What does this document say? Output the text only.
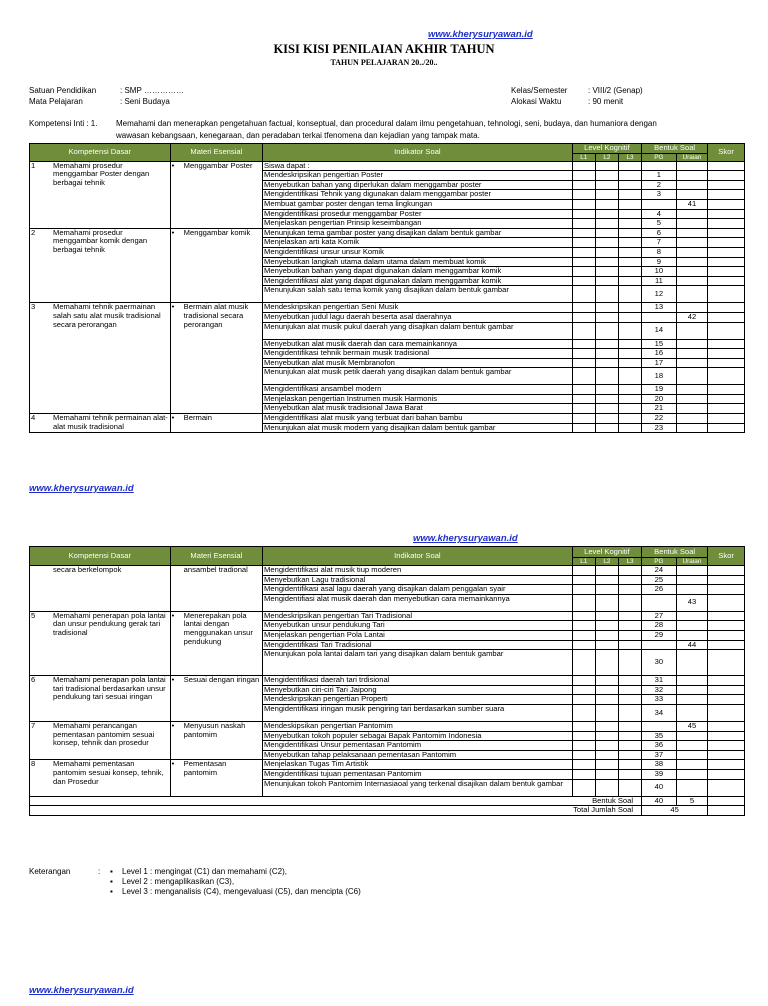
www.kherysuryawan.id
KISI KISI PENILAIAN AKHIR TAHUN
TAHUN PELAJARAN 20../20..
Satuan Pendidikan	: SMP ……………
Mata Pelajaran	: Seni Budaya
Kelas/Semester	: VIII/2 (Genap)
Alokasi Waktu	: 90 menit
Kompetensi Inti : 1. Memahami dan menerapkan pengetahuan factual, konseptual, dan procedural dalam ilmu pengetahuan, tehnologi, seni, budaya, dan humaniora dengan
wawasan kebangsaan, kenegaraan, dan peradaban terkai tfenomena dan kejadian yang tampak mata.
Kompetensi Dasar	Materi Esensial	Indikator Soal	Level Kognitif			Bentuk Soal		Skor
			L1	L2	L3	PG	Uraian	

1 Memahami prosedur menggambar Poster dengan berbagai tehnik	• Menggambar Poster	Siswa dapat :						
		Mendeskripsikan pengertian Poster				1		
		Menyebutkan bahan yang diperlukan dalam menggambar poster				2		
		Mengidentifikasi Tehnik yang digunakan dalam menggambar poster				3		
		Membuat gambar poster dengan tema lingkungan					41	
		Mengidentifikasi prosedur menggambar Poster				4		
		Menjelaskan pengertian Prinsip keseimbangan				5		

2 Memahami prosedur menggambar komik dengan berbagai tehnik	• Menggambar komik	Menunjukan tema gambar poster yang disajikan dalam bentuk gambar				6		
		Menjelaskan arti kata Komik				7		
		Mengidentifikasi unsur unsur Komik				8		
		Menyebutkan langkah utama dalam utama dalam membuat komik				9		
		Menyebutkan bahan yang dapat digunakan dalam menggambar komik				10		
		Mengidentifikasi alat yang dapat digunakan dalam menggambar komik				11		
		Menunjukan salah satu tema komik yang disajikan dalam bentuk gambar				12		

3 Memahami tehnik paermainan salah satu alat musik tradisional secara perorangan	• Bermain alat musik tradisional secara perorangan	Mendeskripsikan pengertian Seni Musik				13		
		Menyebutkan judul lagu daerah beserta asal daerahnya					42	
		Menunjukan alat musik pukul daerah yang disajikan dalam bentuk gambar				14		
		Menyebutkan alat musik daerah dan cara memainkannya				15		
		Mengidentifikasi tehnik bermain musik tradisional				16		
		Menyebutkan alat musik Membranofon				17		
		Menunjukan alat musik petik daerah yang disajikan dalam bentuk gambar				18		
		Mengidentifikasi ansambel modern				19		
		Menjelaskan pengertian Instrumen musik Harmonis				20		
		Menyebutkan alat musik tradisional Jawa Barat				21		

4 Memahami tehnik permainan alat-alat musik tradisional	• Bermain	Mengidentifikasi alat musik yang terbuat dari bahan bambu				22		
		Menunjukan alat musik modern yang disajikan dalam bentuk gambar				23		
www.kherysuryawan.id
www.kherysuryawan.id
Kompetensi Dasar	Materi Esensial	Indikator Soal	Level Kognitif			Bentuk Soal		Skor
			L1	L2	L3	PG	Uraian	

secara berkelompok	ansambel tradional	Mengidentifikasi alat musik tiup moderen				24		
		Menyebutkan Lagu tradisional				25		
		Mengidentifikasi asal lagu daerah yang disajikan dalam penggalan syair				26		
		Mengidentifiasi alat musik daerah dan menyebutkan cara memainkannya					43	

5 Memahami penerapan pola lantai dan unsur pendukung gerak tari tradisional	• Menerepakan pola lantai dengan menggunakan unsur pendukung	Mendeskripsikan pengertian Tari Tradisional				27		
		Menyebutkan unsur pendukung Tari				28		
		Menjelaskan pengertian Pola Lantai				29		
		Mengidentifikasi Tari Tradisional					44	
		Menunjukan pola lantai dalam tari yang disajikan dalam bentuk gambar				30		

6 Memahami penerapan pola lantai tari tradisional berdasarkan unsur pendukung tari sesuai iringan	• Sesuai dengan iringan	Mengidentifikasi daerah tari trdisional				31		
		Menyebutkan ciri-ciri Tari Jaipong				32		
		Mendeskripsikan pengertian Properti				33		
		Mengidentifikasi iringan musik pengiring tari berdasarkan sumber suara				34		

7 Memahami perancangan pementasan pantomim sesuai konsep, tehnik dan prosedur	• Menyusun naskah pantomim	Mendeskipsikan pengertian Pantomim					45	
		Menyebutkan tokoh populer sebagai Bapak Pantomim Indonesia				35		
		Mengidentifikasi Unsur pementasan Pantomim				36		
		Menyebutkan tahap pelaksanaan pementasan Pantomim				37		

8 Memahami pementasan pantomim sesuai konsep, tehnik, dan Prosedur	• Pementasan pantomim	Menjelaskan Tugas Tim Artistik				38		
		Mengidentifikasi tujuan pementasan Pantomim				39		
		Menunjukan tokoh Pantomim Internasiaoal yang terkenal disajikan dalam bentuk gambar				40		
Bentuk Soal						40	5	
Total Jumlah Soal						45		
Keterangan	: ▪	Level 1 : mengingat (C1) dan memahami (C2),
▪	Level 2 : mengaplikasikan (C3),
▪	Level 3 : menganalisis (C4), mengevaluasi (C5), dan mencipta (C6)
www.kherysuryawan.id
